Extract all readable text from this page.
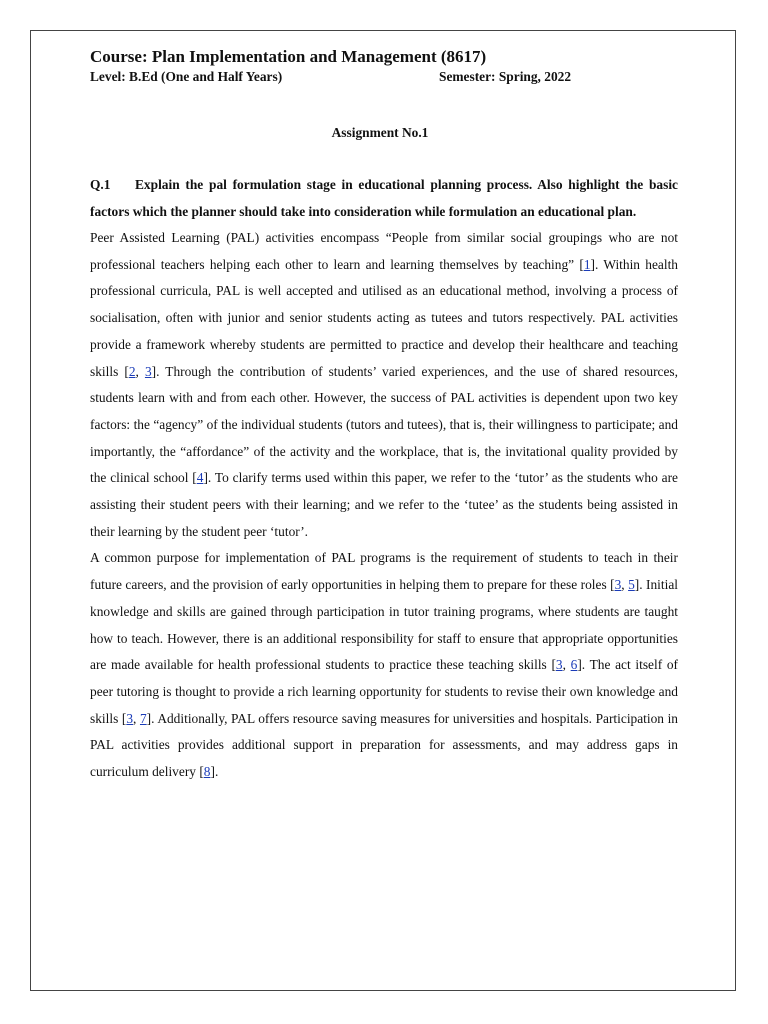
Course: Plan Implementation and Management (8617)
Level: B.Ed (One and Half Years)	Semester: Spring, 2022
Assignment No.1
Q.1 Explain the pal formulation stage in educational planning process. Also highlight the basic factors which the planner should take into consideration while formulation an educational plan.

Peer Assisted Learning (PAL) activities encompass “People from similar social groupings who are not professional teachers helping each other to learn and learning themselves by teaching” [1]. Within health professional curricula, PAL is well accepted and utilised as an educational method, involving a process of socialisation, often with junior and senior students acting as tutees and tutors respectively. PAL activities provide a framework whereby students are permitted to practice and develop their healthcare and teaching skills [2, 3]. Through the contribution of students’ varied experiences, and the use of shared resources, students learn with and from each other. However, the success of PAL activities is dependent upon two key factors: the “agency” of the individual students (tutors and tutees), that is, their willingness to participate; and importantly, the “affordance” of the activity and the workplace, that is, the invitational quality provided by the clinical school [4]. To clarify terms used within this paper, we refer to the ‘tutor’ as the students who are assisting their student peers with their learning; and we refer to the ‘tutee’ as the students being assisted in their learning by the student peer ‘tutor’.

A common purpose for implementation of PAL programs is the requirement of students to teach in their future careers, and the provision of early opportunities in helping them to prepare for these roles [3, 5]. Initial knowledge and skills are gained through participation in tutor training programs, where students are taught how to teach. However, there is an additional responsibility for staff to ensure that appropriate opportunities are made available for health professional students to practice these teaching skills [3, 6]. The act itself of peer tutoring is thought to provide a rich learning opportunity for students to revise their own knowledge and skills [3, 7]. Additionally, PAL offers resource saving measures for universities and hospitals. Participation in PAL activities provides additional support in preparation for assessments, and may address gaps in curriculum delivery [8].
